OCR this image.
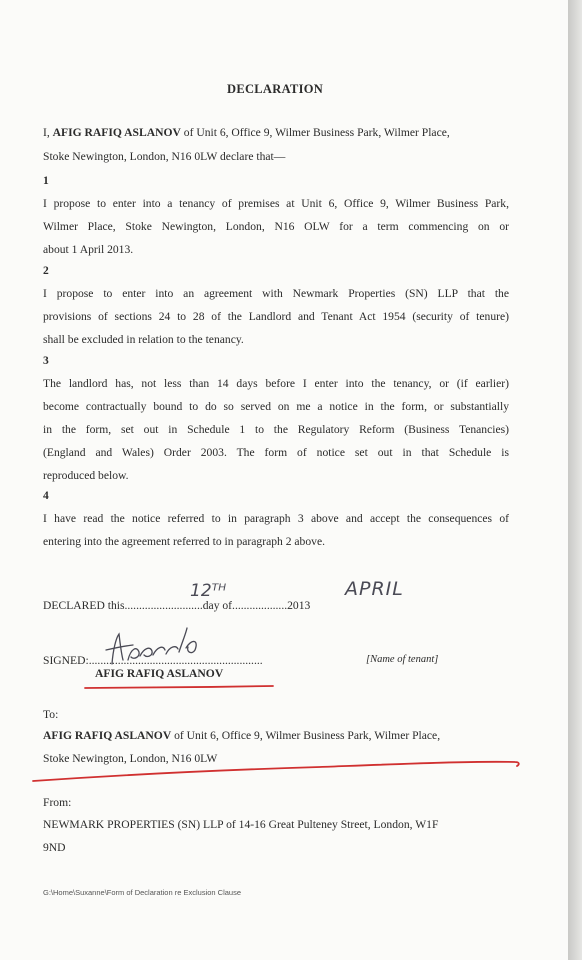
DECLARATION
I, AFIG RAFIQ ASLANOV of Unit 6, Office 9, Wilmer Business Park, Wilmer Place,
Stoke Newington, London, N16 0LW declare that—
1
I propose to enter into a tenancy of premises at Unit 6, Office 9, Wilmer Business Park,
Wilmer Place, Stoke Newington, London, N16 OLW for a term commencing on or
about 1 April 2013.
2
I propose to enter into an agreement with Newmark Properties (SN) LLP that the
provisions of sections 24 to 28 of the Landlord and Tenant Act 1954 (security of tenure)
shall be excluded in relation to the tenancy.
3
The landlord has, not less than 14 days before I enter into the tenancy, or (if earlier)
become contractually bound to do so served on me a notice in the form, or substantially
in the form, set out in Schedule 1 to the Regulatory Reform (Business Tenancies)
(England and Wales) Order 2003. The form of notice set out in that Schedule is
reproduced below.
4
I have read the notice referred to in paragraph 3 above and accept the consequences of
entering into the agreement referred to in paragraph 2 above.
DECLARED this...........................day of...................2013
12ᵀᴴ	APRIL
SIGNED:............................................................	[Name of tenant]
AFIG RAFIQ ASLANOV
To:
AFIG RAFIQ ASLANOV of Unit 6, Office 9, Wilmer Business Park, Wilmer Place,
Stoke Newington, London, N16 0LW
From:
NEWMARK PROPERTIES (SN) LLP of 14-16 Great Pulteney Street, London, W1F
9ND
G:\Home\Suxanne\Form of Declaration re Exclusion Clause
